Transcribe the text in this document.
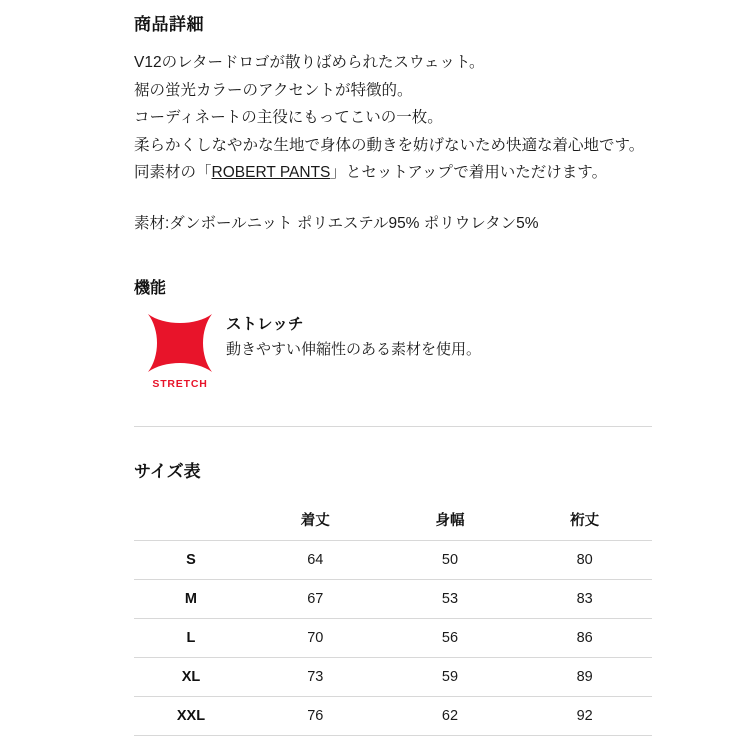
商品詳細

V12のレタードロゴが散りばめられたスウェット。
裾の蛍光カラーのアクセントが特徴的。
コーディネートの主役にもってこいの一枚。
柔らかくしなやかな生地で身体の動きを妨げないため快適な着心地です。
同素材の「ROBERT PANTS」とセットアップで着用いただけます。

素材:ダンボールニット ポリエステル95% ポリウレタン5%

機能
STRETCH

ストレッチ

動きやすい伸縮性のある素材を使用。

サイズ表
	着丈	身幅	裄丈
S	64	50	80
M	67	53	83
L	70	56	86
XL	73	59	89
XXL	76	62	92
